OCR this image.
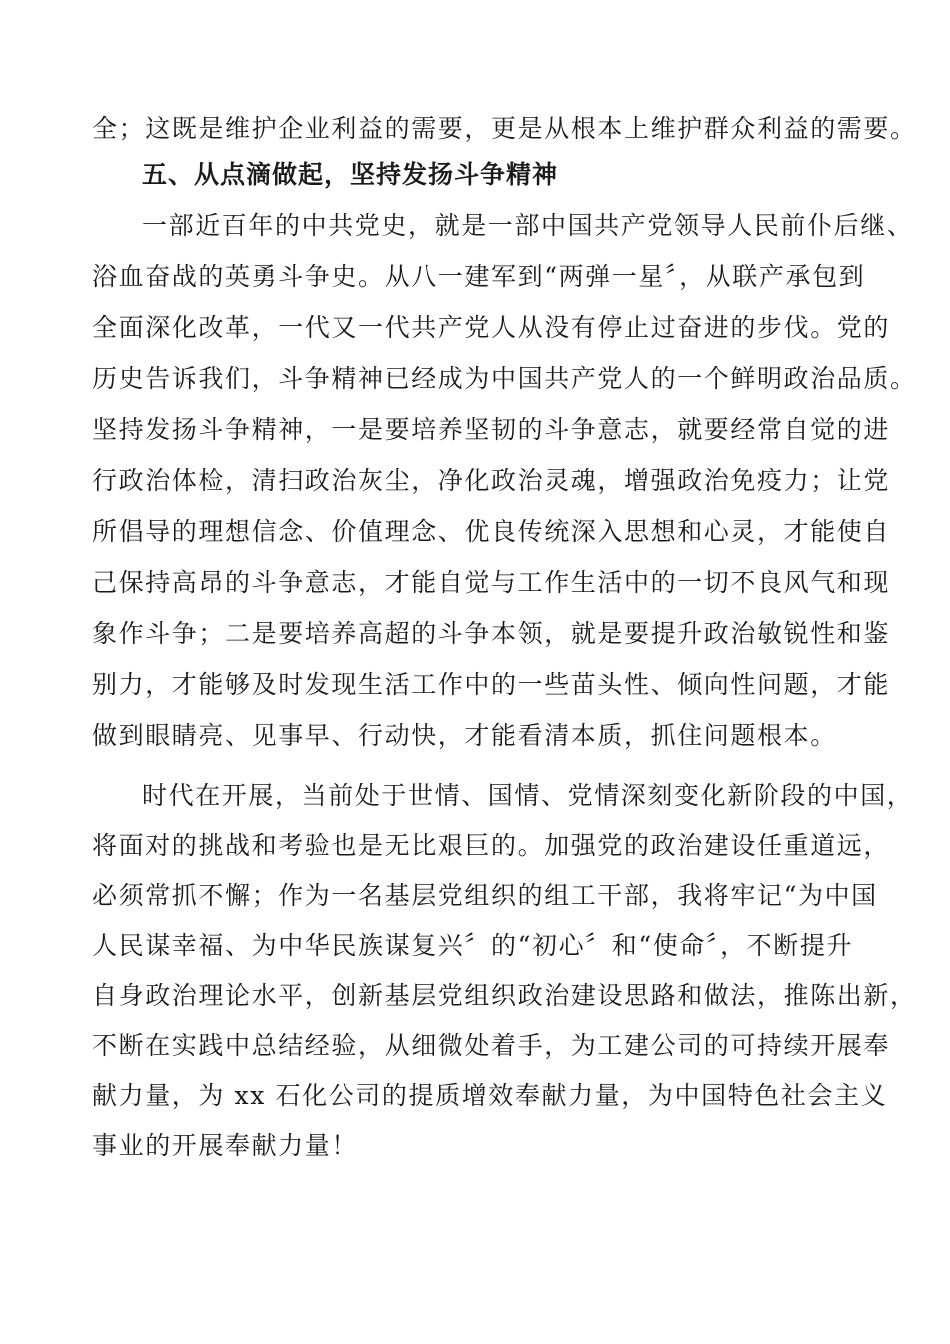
全；这既是维护企业利益的需要，更是从根本上维护群众利益的需要。
五、从点滴做起，坚持发扬斗争精神
一部近百年的中共党史，就是一部中国共产党领导人民前仆后继、
浴血奋战的英勇斗争史。从八一建军到“两弹一星〞，从联产承包到
全面深化改革，一代又一代共产党人从没有停止过奋进的步伐。党的
历史告诉我们，斗争精神已经成为中国共产党人的一个鲜明政治品质。
坚持发扬斗争精神，一是要培养坚韧的斗争意志，就要经常自觉的进
行政治体检，清扫政治灰尘，净化政治灵魂，增强政治免疫力；让党
所倡导的理想信念、价值理念、优良传统深入思想和心灵，才能使自
己保持高昂的斗争意志，才能自觉与工作生活中的一切不良风气和现
象作斗争；二是要培养高超的斗争本领，就是要提升政治敏锐性和鉴
别力，才能够及时发现生活工作中的一些苗头性、倾向性问题，才能
做到眼睛亮、见事早、行动快，才能看清本质，抓住问题根本。
时代在开展，当前处于世情、国情、党情深刻变化新阶段的中国，
将面对的挑战和考验也是无比艰巨的。加强党的政治建设任重道远，
必须常抓不懈；作为一名基层党组织的组工干部，我将牢记“为中国
人民谋幸福、为中华民族谋复兴〞的“初心〞和“使命〞，不断提升
自身政治理论水平，创新基层党组织政治建设思路和做法，推陈出新，
不断在实践中总结经验，从细微处着手，为工建公司的可持续开展奉
献力量，为 xx 石化公司的提质增效奉献力量，为中国特色社会主义
事业的开展奉献力量！
